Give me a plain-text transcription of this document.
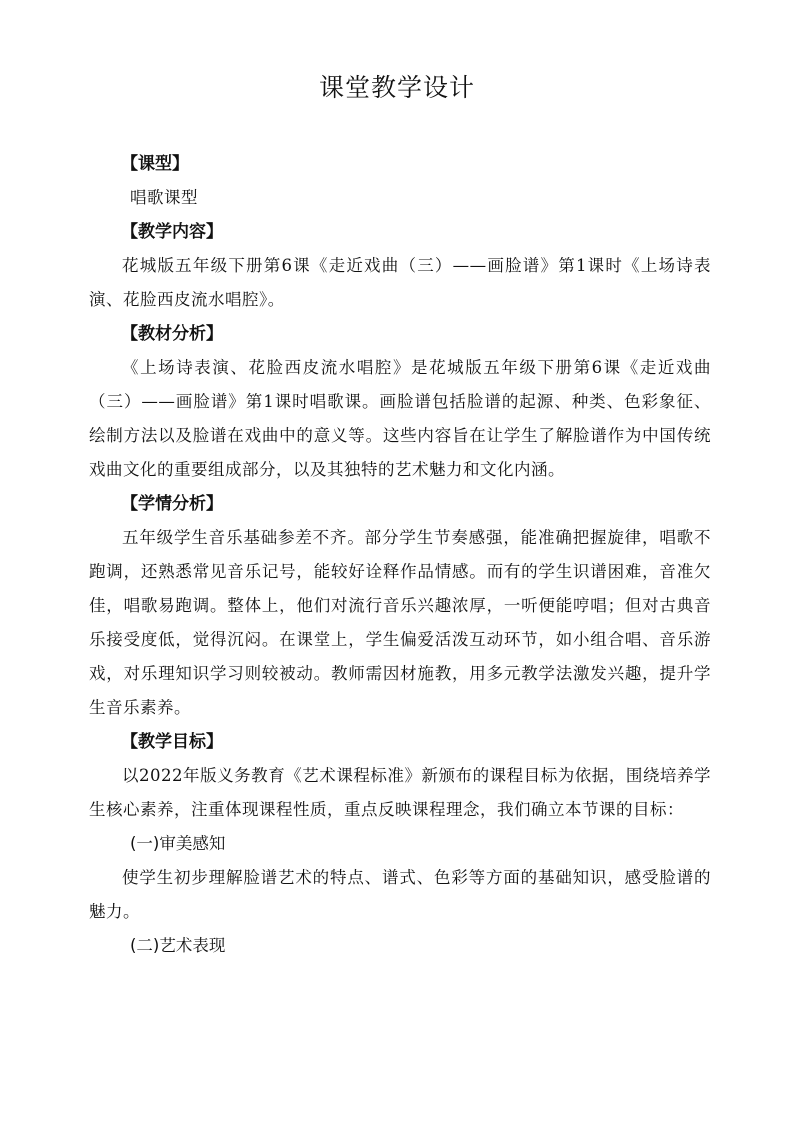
课堂教学设计

【课型】

唱歌课型

【教学内容】

花城版五年级下册第6课《走近戏曲（三）——画脸谱》第1课时《上场诗表演、花脸西皮流水唱腔》。

【教材分析】

《上场诗表演、花脸西皮流水唱腔》是花城版五年级下册第6课《走近戏曲（三）——画脸谱》第1课时唱歌课。画脸谱包括脸谱的起源、种类、色彩象征、绘制方法以及脸谱在戏曲中的意义等。这些内容旨在让学生了解脸谱作为中国传统戏曲文化的重要组成部分，以及其独特的艺术魅力和文化内涵。

【学情分析】

五年级学生音乐基础参差不齐。部分学生节奏感强，能准确把握旋律，唱歌不跑调，还熟悉常见音乐记号，能较好诠释作品情感。而有的学生识谱困难，音准欠佳，唱歌易跑调。整体上，他们对流行音乐兴趣浓厚，一听便能哼唱；但对古典音乐接受度低，觉得沉闷。在课堂上，学生偏爱活泼互动环节，如小组合唱、音乐游戏，对乐理知识学习则较被动。教师需因材施教，用多元教学法激发兴趣，提升学生音乐素养。

【教学目标】

以2022年版义务教育《艺术课程标准》新颁布的课程目标为依据，围绕培养学生核心素养，注重体现课程性质，重点反映课程理念，我们确立本节课的目标：

(一)审美感知

使学生初步理解脸谱艺术的特点、谱式、色彩等方面的基础知识，感受脸谱的魅力。

(二)艺术表现
